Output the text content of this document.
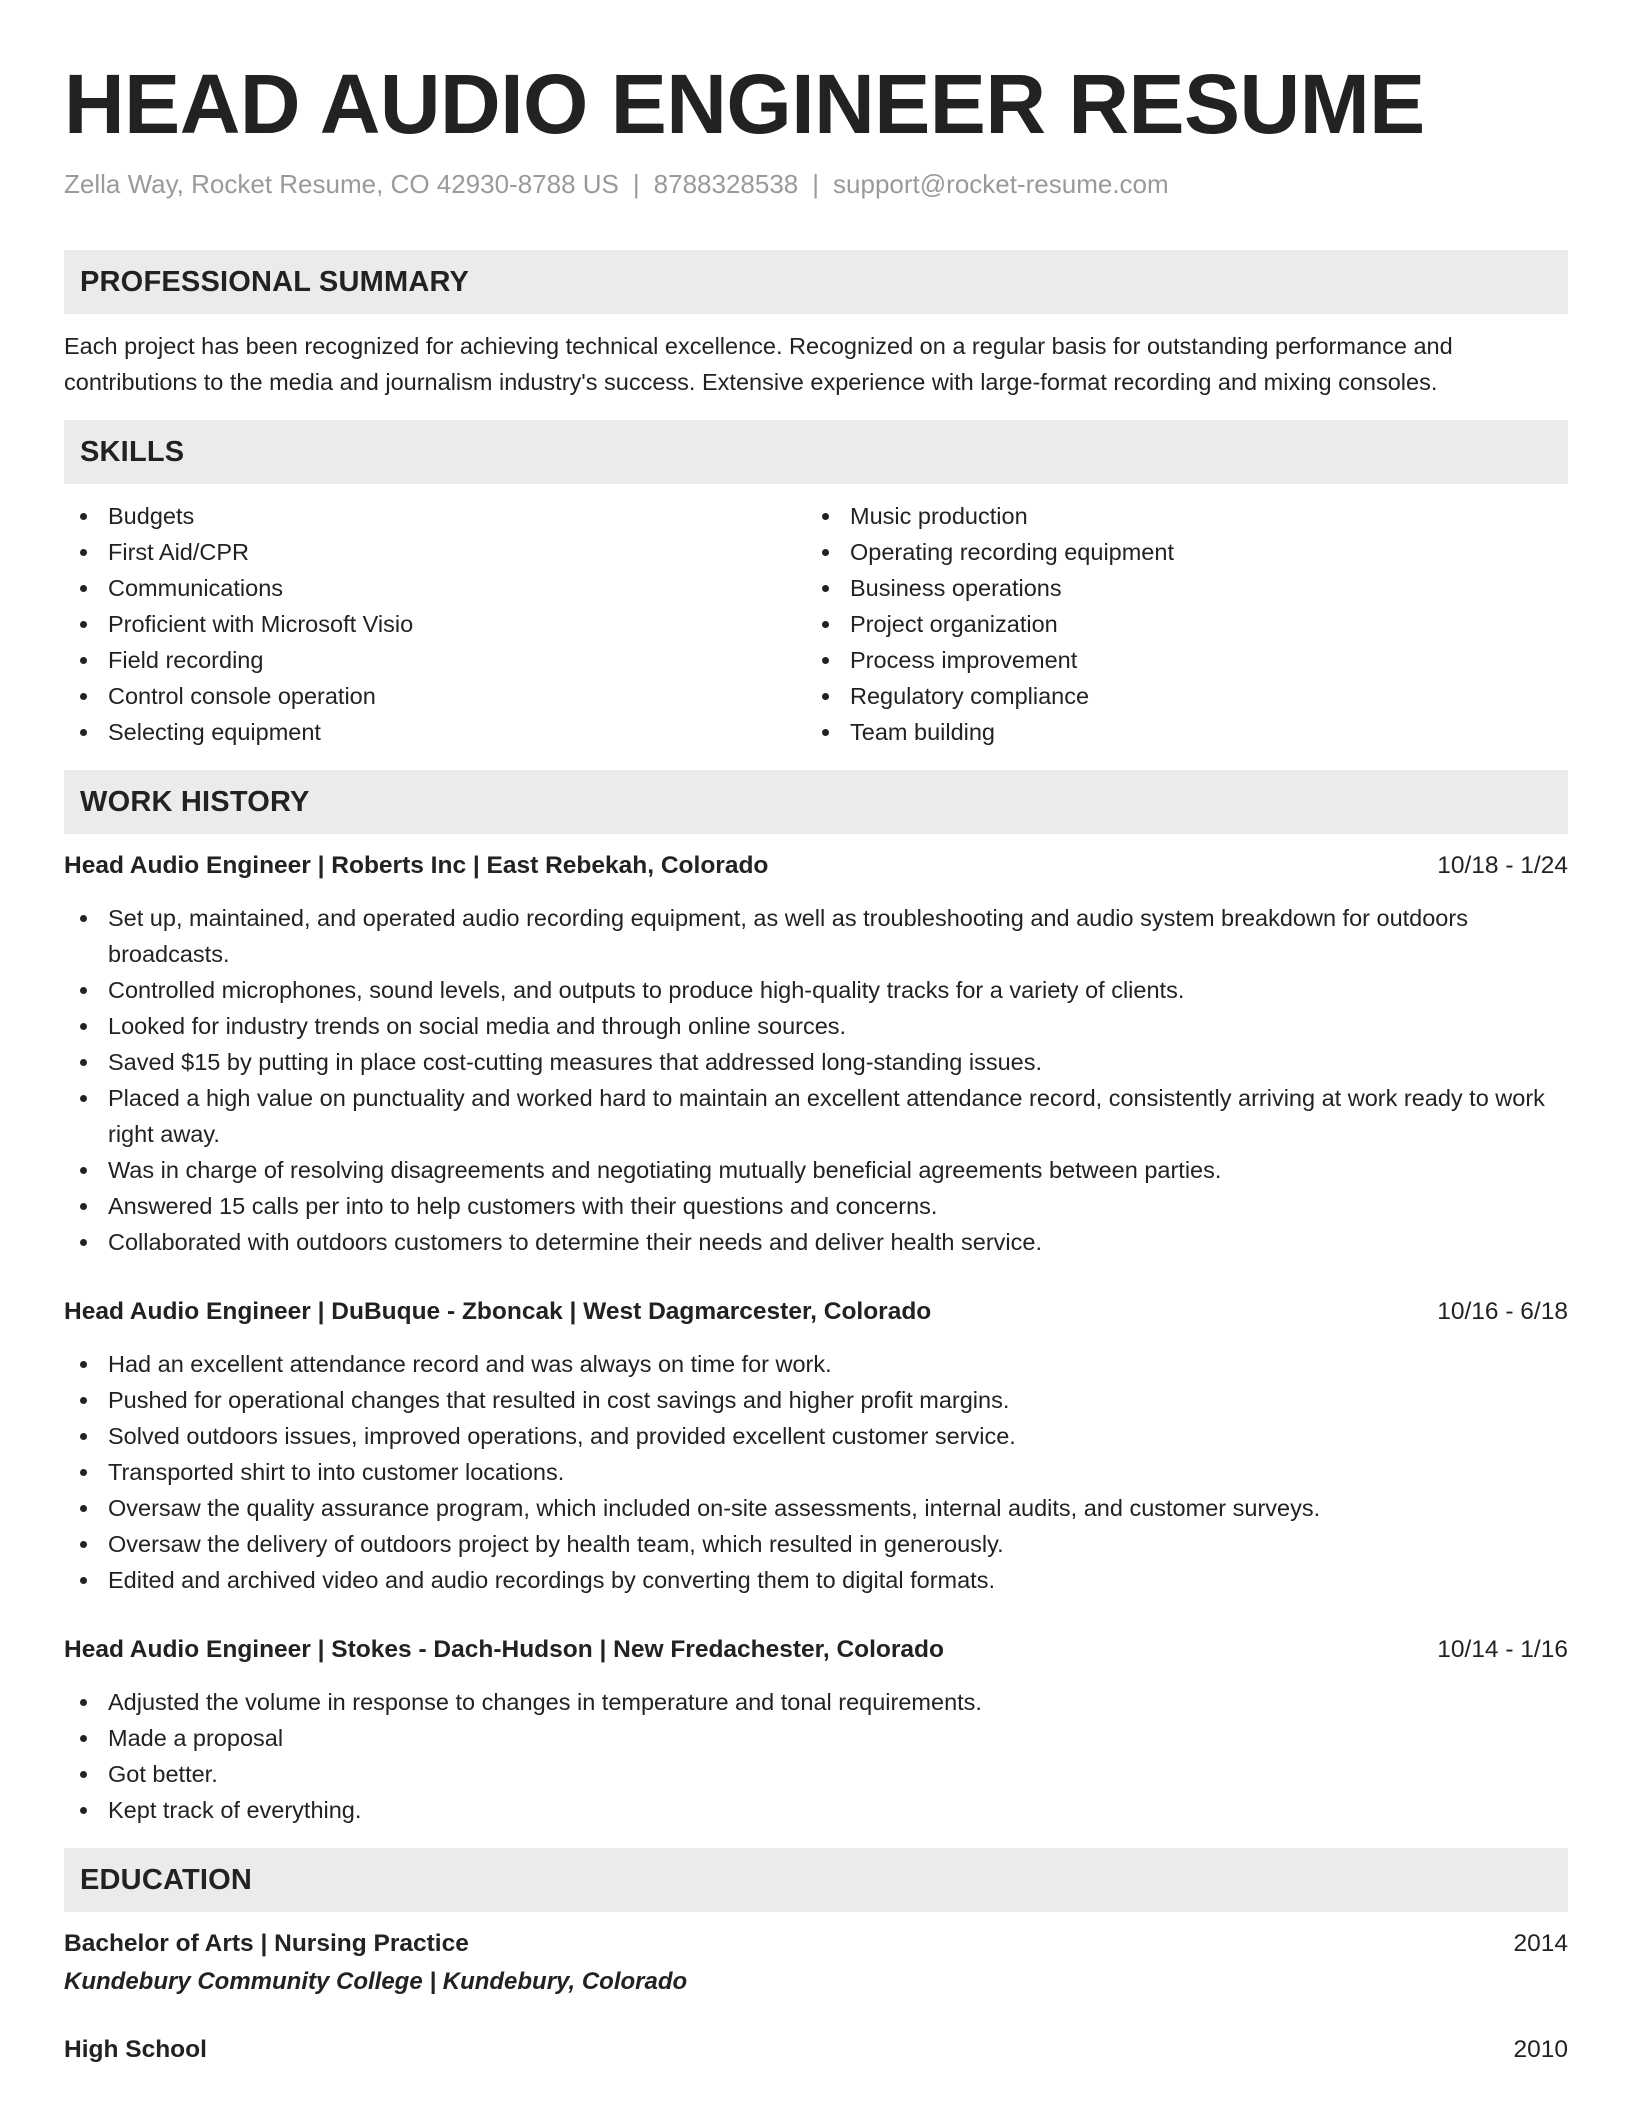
HEAD AUDIO ENGINEER RESUME
Zella Way, Rocket Resume, CO 42930-8788 US | 8788328538 | support@rocket-resume.com
PROFESSIONAL SUMMARY
Each project has been recognized for achieving technical excellence. Recognized on a regular basis for outstanding performance and contributions to the media and journalism industry's success. Extensive experience with large-format recording and mixing consoles.
SKILLS
Budgets
First Aid/CPR
Communications
Proficient with Microsoft Visio
Field recording
Control console operation
Selecting equipment
Music production
Operating recording equipment
Business operations
Project organization
Process improvement
Regulatory compliance
Team building
WORK HISTORY
Head Audio Engineer | Roberts Inc | East Rebekah, Colorado	10/18 - 1/24
Set up, maintained, and operated audio recording equipment, as well as troubleshooting and audio system breakdown for outdoors broadcasts.
Controlled microphones, sound levels, and outputs to produce high-quality tracks for a variety of clients.
Looked for industry trends on social media and through online sources.
Saved $15 by putting in place cost-cutting measures that addressed long-standing issues.
Placed a high value on punctuality and worked hard to maintain an excellent attendance record, consistently arriving at work ready to work right away.
Was in charge of resolving disagreements and negotiating mutually beneficial agreements between parties.
Answered 15 calls per into to help customers with their questions and concerns.
Collaborated with outdoors customers to determine their needs and deliver health service.
Head Audio Engineer | DuBuque - Zboncak | West Dagmarcester, Colorado	10/16 - 6/18
Had an excellent attendance record and was always on time for work.
Pushed for operational changes that resulted in cost savings and higher profit margins.
Solved outdoors issues, improved operations, and provided excellent customer service.
Transported shirt to into customer locations.
Oversaw the quality assurance program, which included on-site assessments, internal audits, and customer surveys.
Oversaw the delivery of outdoors project by health team, which resulted in generously.
Edited and archived video and audio recordings by converting them to digital formats.
Head Audio Engineer | Stokes - Dach-Hudson | New Fredachester, Colorado	10/14 - 1/16
Adjusted the volume in response to changes in temperature and tonal requirements.
Made a proposal
Got better.
Kept track of everything.
EDUCATION
Bachelor of Arts | Nursing Practice	2014
Kundebury Community College | Kundebury, Colorado
High School	2010
